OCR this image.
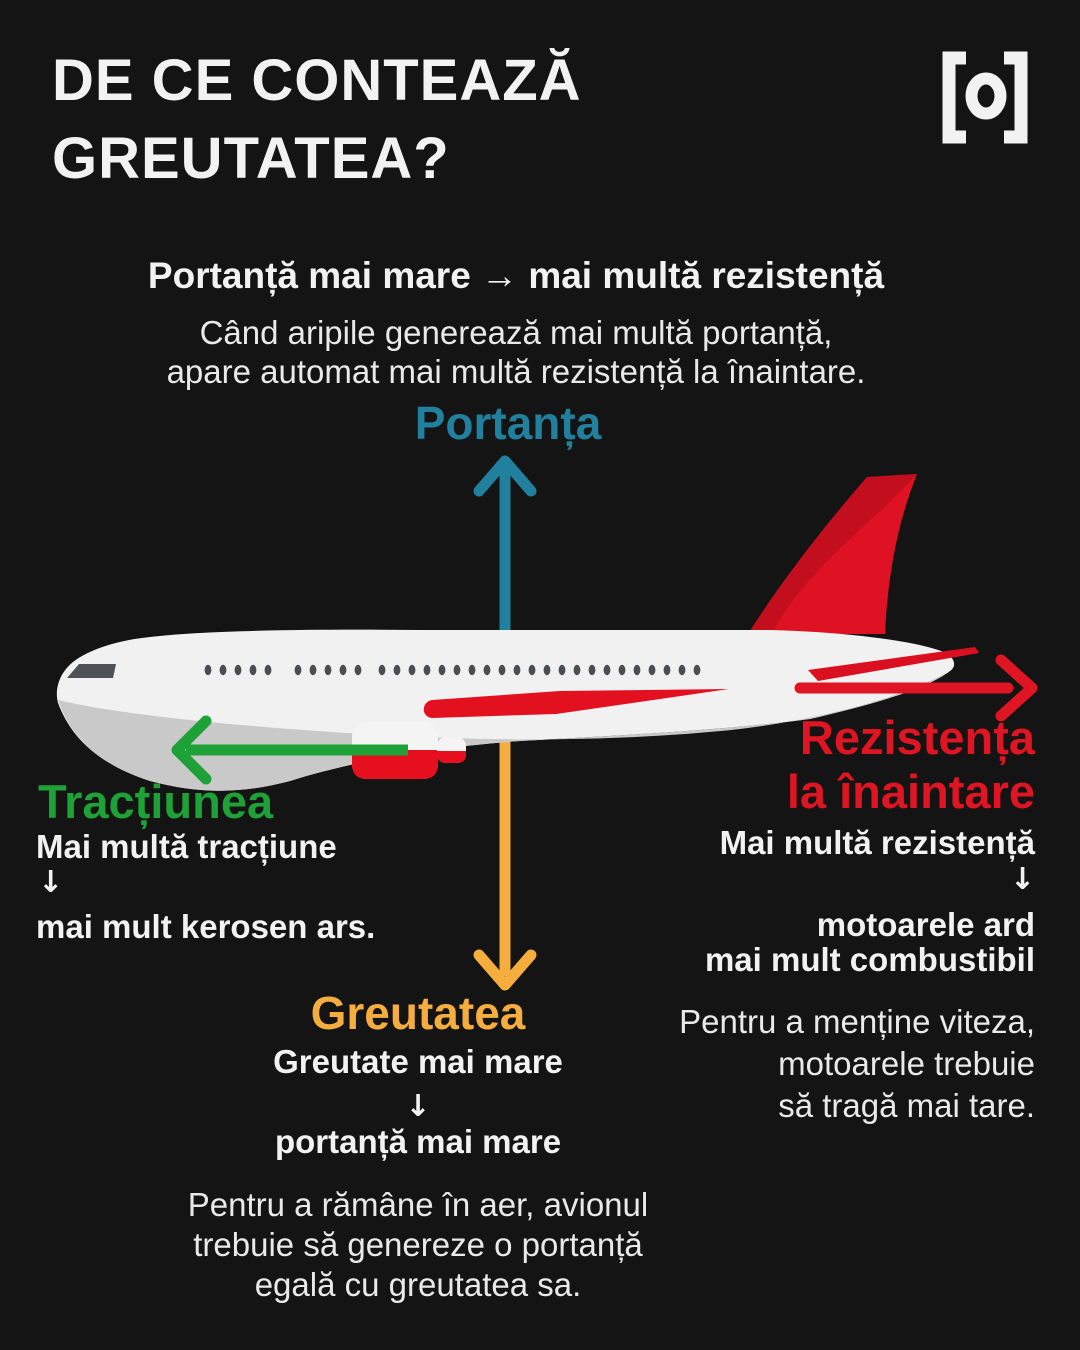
DE CE CONTEAZĂ
GREUTATEA?
Portanță mai mare → mai multă rezistență
Când aripile generează mai multă portanță,
apare automat mai multă rezistență la înaintare.
Portanța
Tracțiunea
Mai multă tracțiune
↓
mai mult kerosen ars.
Rezistența
la înaintare
Mai multă rezistență
↓
motoarele ard
mai mult combustibil
Pentru a menține viteza,
motoarele trebuie
să tragă mai tare.
Greutatea
Greutate mai mare
↓
portanță mai mare
Pentru a rămâne în aer, avionul
trebuie să genereze o portanță
egală cu greutatea sa.
